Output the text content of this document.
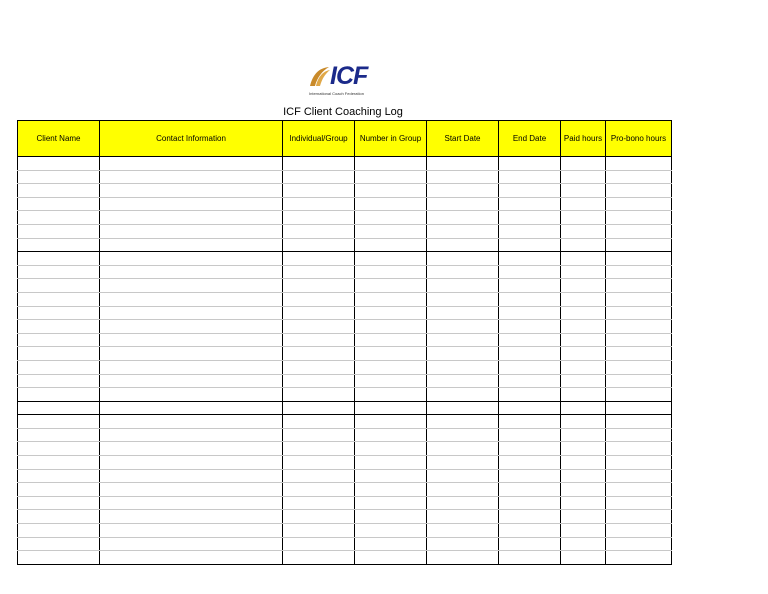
ICF
International Coach Federation
ICF Client Coaching Log
Client Name	Contact Information	Individual/Group	Number in Group	Start Date	End Date	Paid hours	Pro-bono hours
